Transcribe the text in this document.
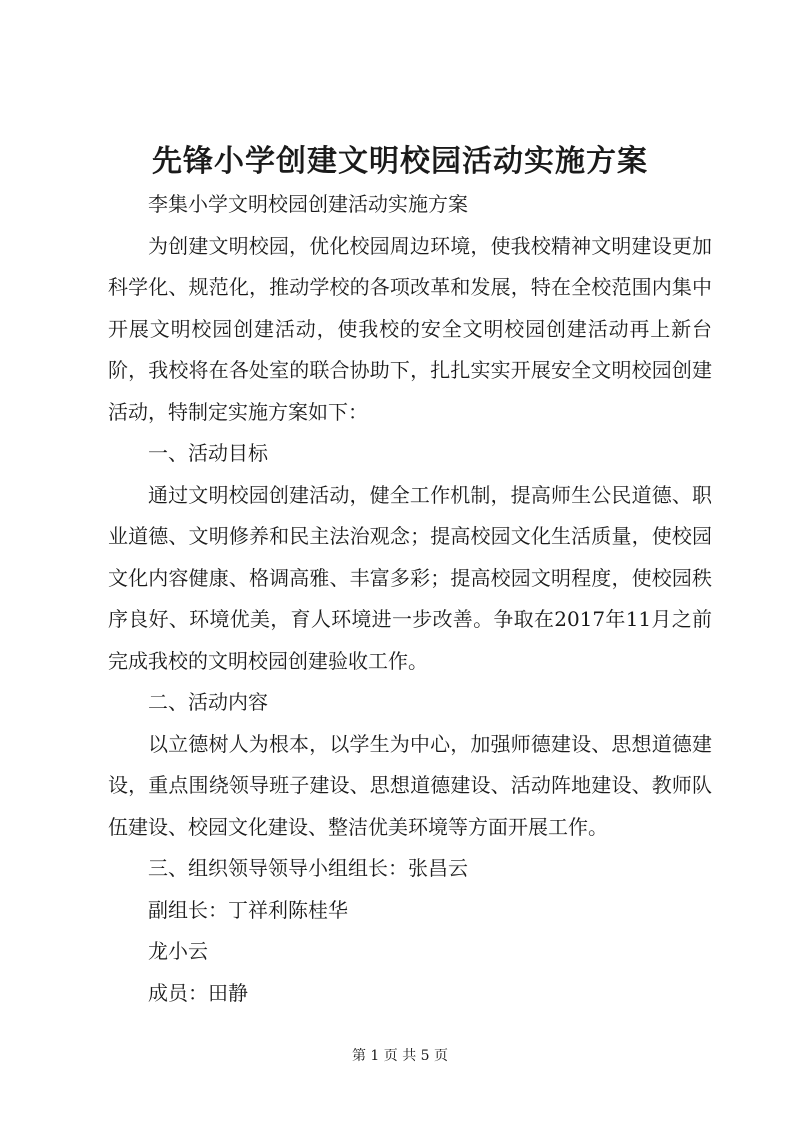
先锋小学创建文明校园活动实施方案

李集小学文明校园创建活动实施方案

为创建文明校园，优化校园周边环境，使我校精神文明建设更加科学化、规范化，推动学校的各项改革和发展，特在全校范围内集中开展文明校园创建活动，使我校的安全文明校园创建活动再上新台阶，我校将在各处室的联合协助下，扎扎实实开展安全文明校园创建活动，特制定实施方案如下：

一、活动目标

通过文明校园创建活动，健全工作机制，提高师生公民道德、职业道德、文明修养和民主法治观念；提高校园文化生活质量，使校园文化内容健康、格调高雅、丰富多彩；提高校园文明程度，使校园秩序良好、环境优美，育人环境进一步改善。争取在2017年11月之前完成我校的文明校园创建验收工作。

二、活动内容

以立德树人为根本，以学生为中心，加强师德建设、思想道德建设，重点围绕领导班子建设、思想道德建设、活动阵地建设、教师队伍建设、校园文化建设、整洁优美环境等方面开展工作。

三、组织领导领导小组组长：张昌云

副组长：丁祥利陈桂华

龙小云

成员：田静

第 1 页 共 5 页
